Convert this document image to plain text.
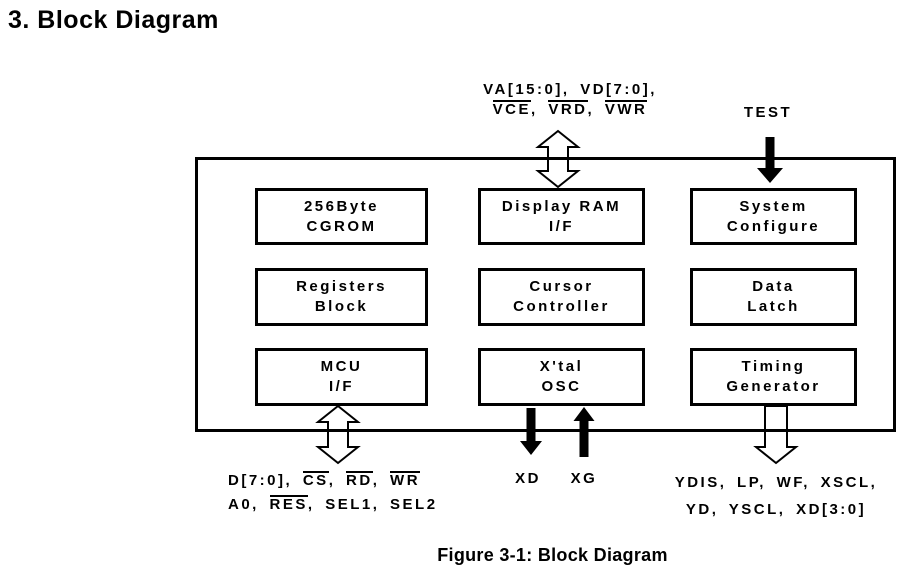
3. Block Diagram
VA[15:0], VD[7:0],
VCE, VRD, VWR	TEST
256Byte
CGROM
Display RAM
I/F
System
Configure
Registers
Block
Cursor
Controller
Data
Latch
MCU
I/F
X'tal
OSC
Timing
Generator
D[7:0], CS, RD, WR
A0, RES, SEL1, SEL2
XD	XG	YDIS, LP, WF, XSCL,
YD, YSCL, XD[3:0]
Figure 3-1: Block Diagram
